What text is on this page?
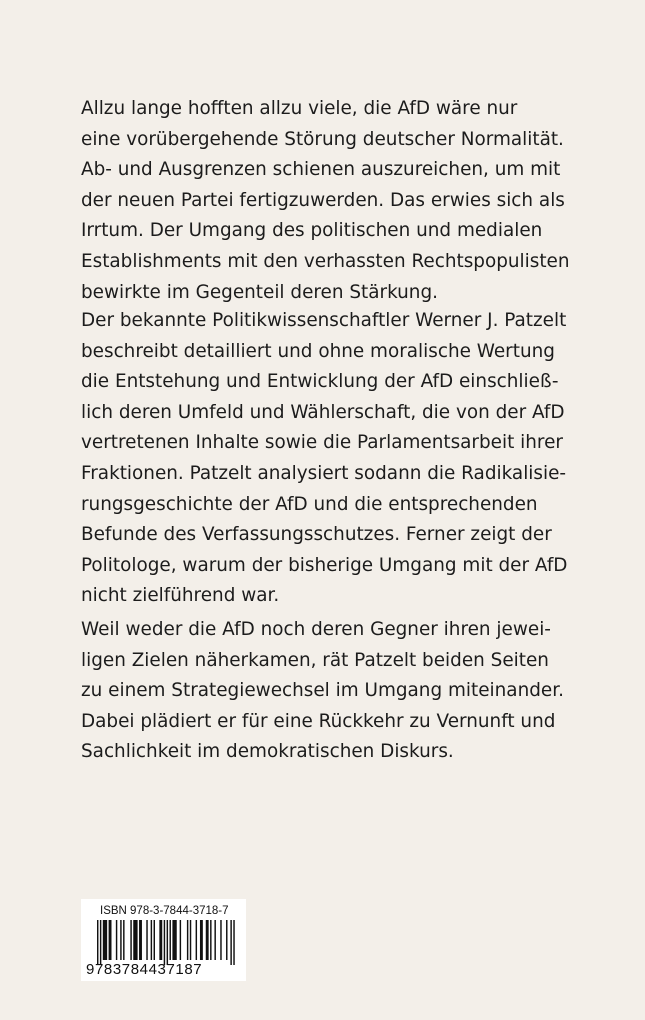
Allzu lange hofften allzu viele, die AfD wäre nur
eine vorübergehende Störung deutscher Normalität.
Ab- und Ausgrenzen schienen auszureichen, um mit
der neuen Partei fertigzuwerden. Das erwies sich als
Irrtum. Der Umgang des politischen und medialen
Establishments mit den verhassten Rechtspopulisten
bewirkte im Gegenteil deren Stärkung.
Der bekannte Politikwissenschaftler Werner J. Patzelt
beschreibt detailliert und ohne moralische Wertung
die Entstehung und Entwicklung der AfD einschließ-
lich deren Umfeld und Wählerschaft, die von der AfD
vertretenen Inhalte sowie die Parlamentsarbeit ihrer
Fraktionen. Patzelt analysiert sodann die Radikalisie-
rungsgeschichte der AfD und die entsprechenden
Befunde des Verfassungsschutzes. Ferner zeigt der
Politologe, warum der bisherige Umgang mit der AfD
nicht zielführend war.
Weil weder die AfD noch deren Gegner ihren jewei-
ligen Zielen näherkamen, rät Patzelt beiden Seiten
zu einem Strategiewechsel im Umgang miteinander.
Dabei plädiert er für eine Rückkehr zu Vernunft und
Sachlichkeit im demokratischen Diskurs.
ISBN 978-3-7844-3718-7
9783784437187
